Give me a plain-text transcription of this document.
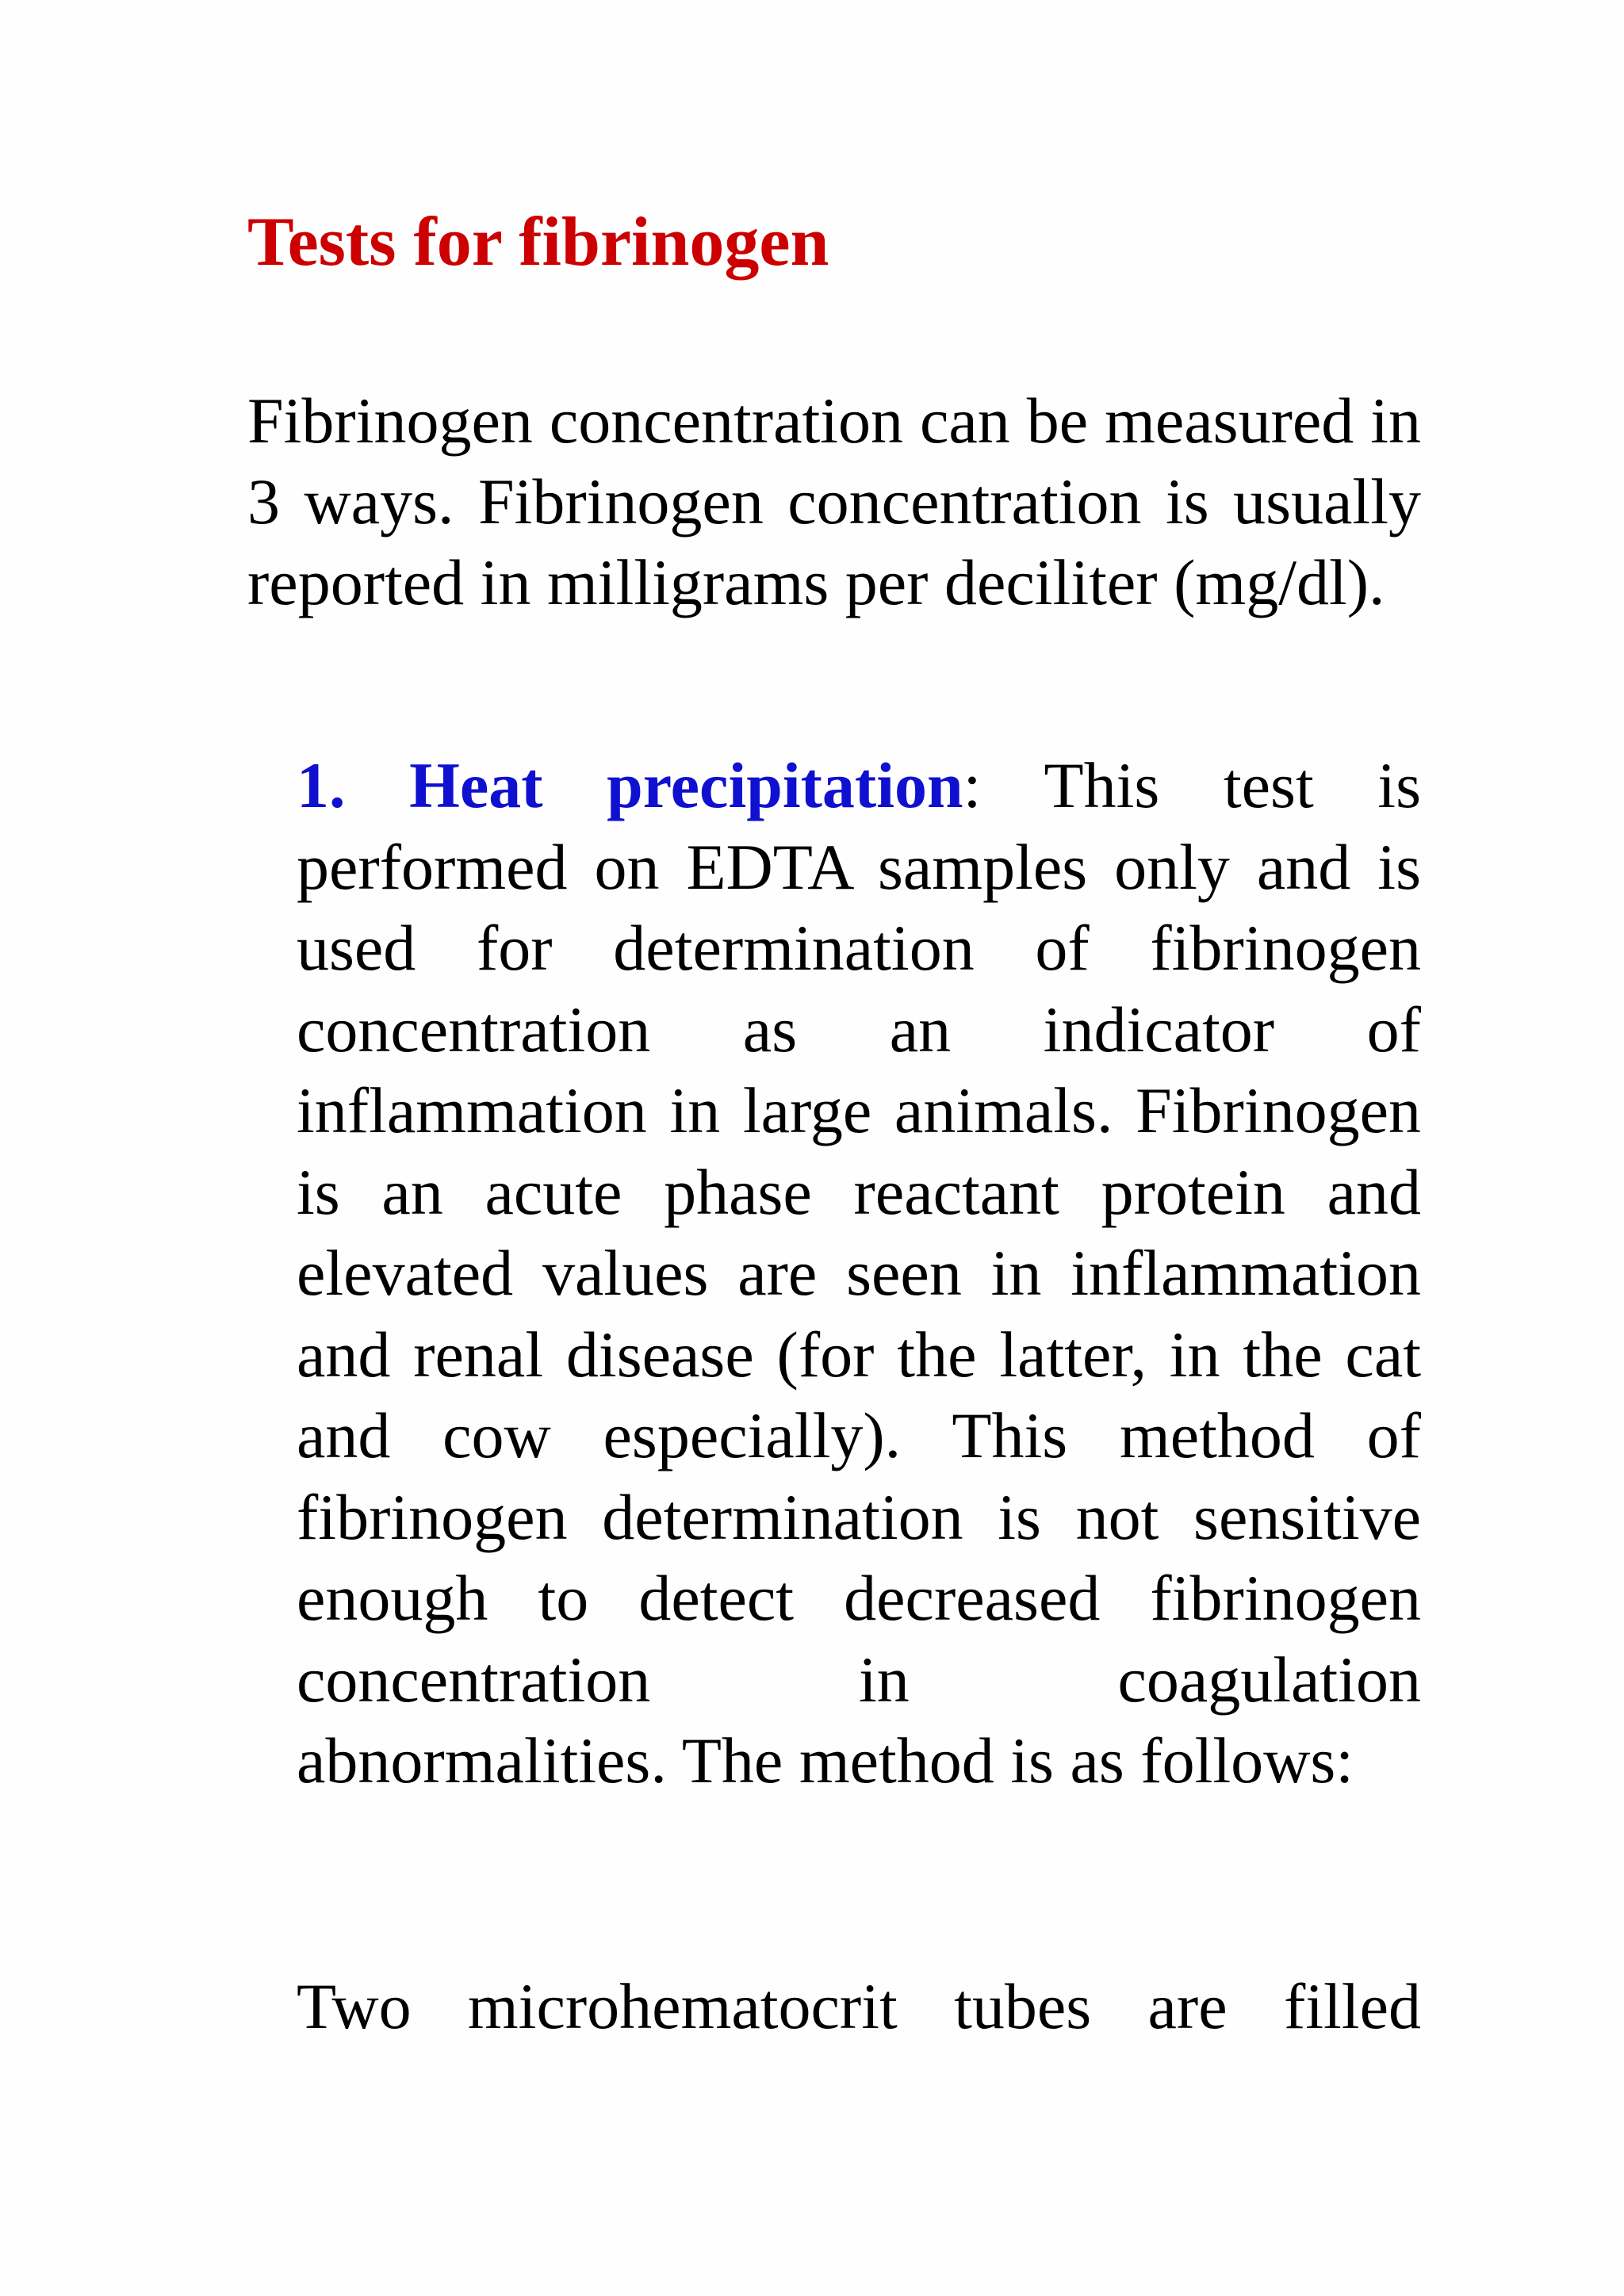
Tests for fibrinogen

Fibrinogen concentration can be measured in 3 ways. Fibrinogen concentration is usually reported in milligrams per deciliter (mg/dl).

1. Heat precipitation: This test is performed on EDTA samples only and is used for determination of fibrinogen concentration as an indicator of inflammation in large animals. Fibrinogen is an acute phase reactant protein and elevated values are seen in inflammation and renal disease (for the latter, in the cat and cow especially). This method of fibrinogen determination is not sensitive enough to detect decreased fibrinogen concentration in coagulation abnormalities. The method is as follows:

Two microhematocrit tubes are filled
